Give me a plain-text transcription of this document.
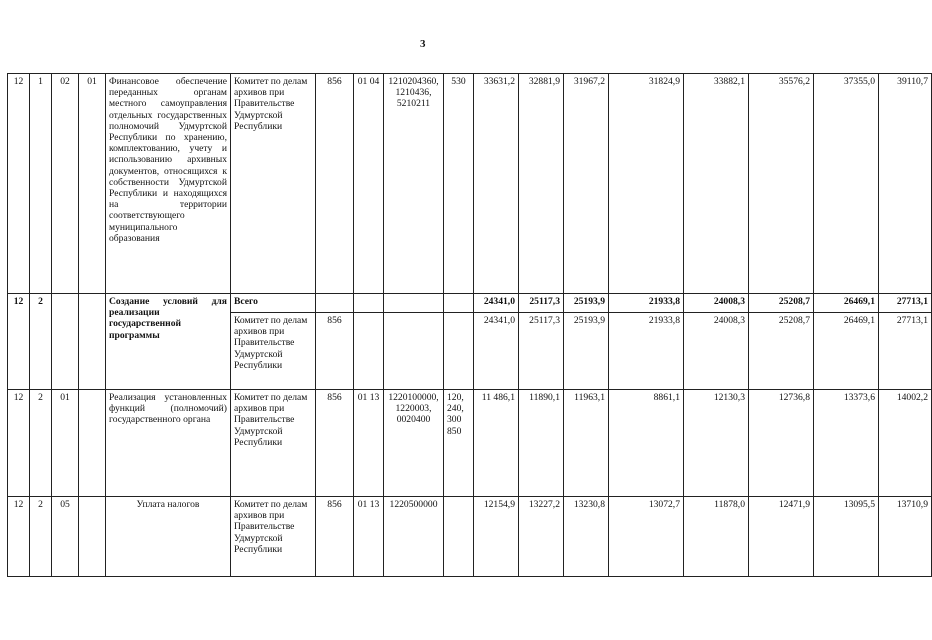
3
12	1	02	01	Финансовое обеспечение переданных органам местного самоуправления отдельных государственных полномочий Удмуртской Республики по хранению, комплектованию, учету и использованию архивных документов, относящихся к собственности Удмуртской Республики и находящихся на территории соответствующего муниципального образования	Комитет по делам архивов при Правительстве Удмуртской Республики	856	01 04	1210204360, 1210436, 5210211	530	33631,2	32881,9	31967,2	31824,9	33882,1	35576,2	37355,0	39110,7
12	2			Создание условий для реализации государственной программы	Всего					24341,0	25117,3	25193,9	21933,8	24008,3	25208,7	26469,1	27713,1
					Комитет по делам архивов при Правительстве Удмуртской Республики	856				24341,0	25117,3	25193,9	21933,8	24008,3	25208,7	26469,1	27713,1
12	2	01		Реализация установленных функций (полномочий) государственного органа	Комитет по делам архивов при Правительстве Удмуртской Республики	856	01 13	1220100000, 1220003, 0020400	120, 240, 300 850	11 486,1	11890,1	11963,1	8861,1	12130,3	12736,8	13373,6	14002,2
12	2	05		Уплата налогов	Комитет по делам архивов при Правительстве Удмуртской Республики	856	01 13	1220500000		12154,9	13227,2	13230,8	13072,7	11878,0	12471,9	13095,5	13710,9
